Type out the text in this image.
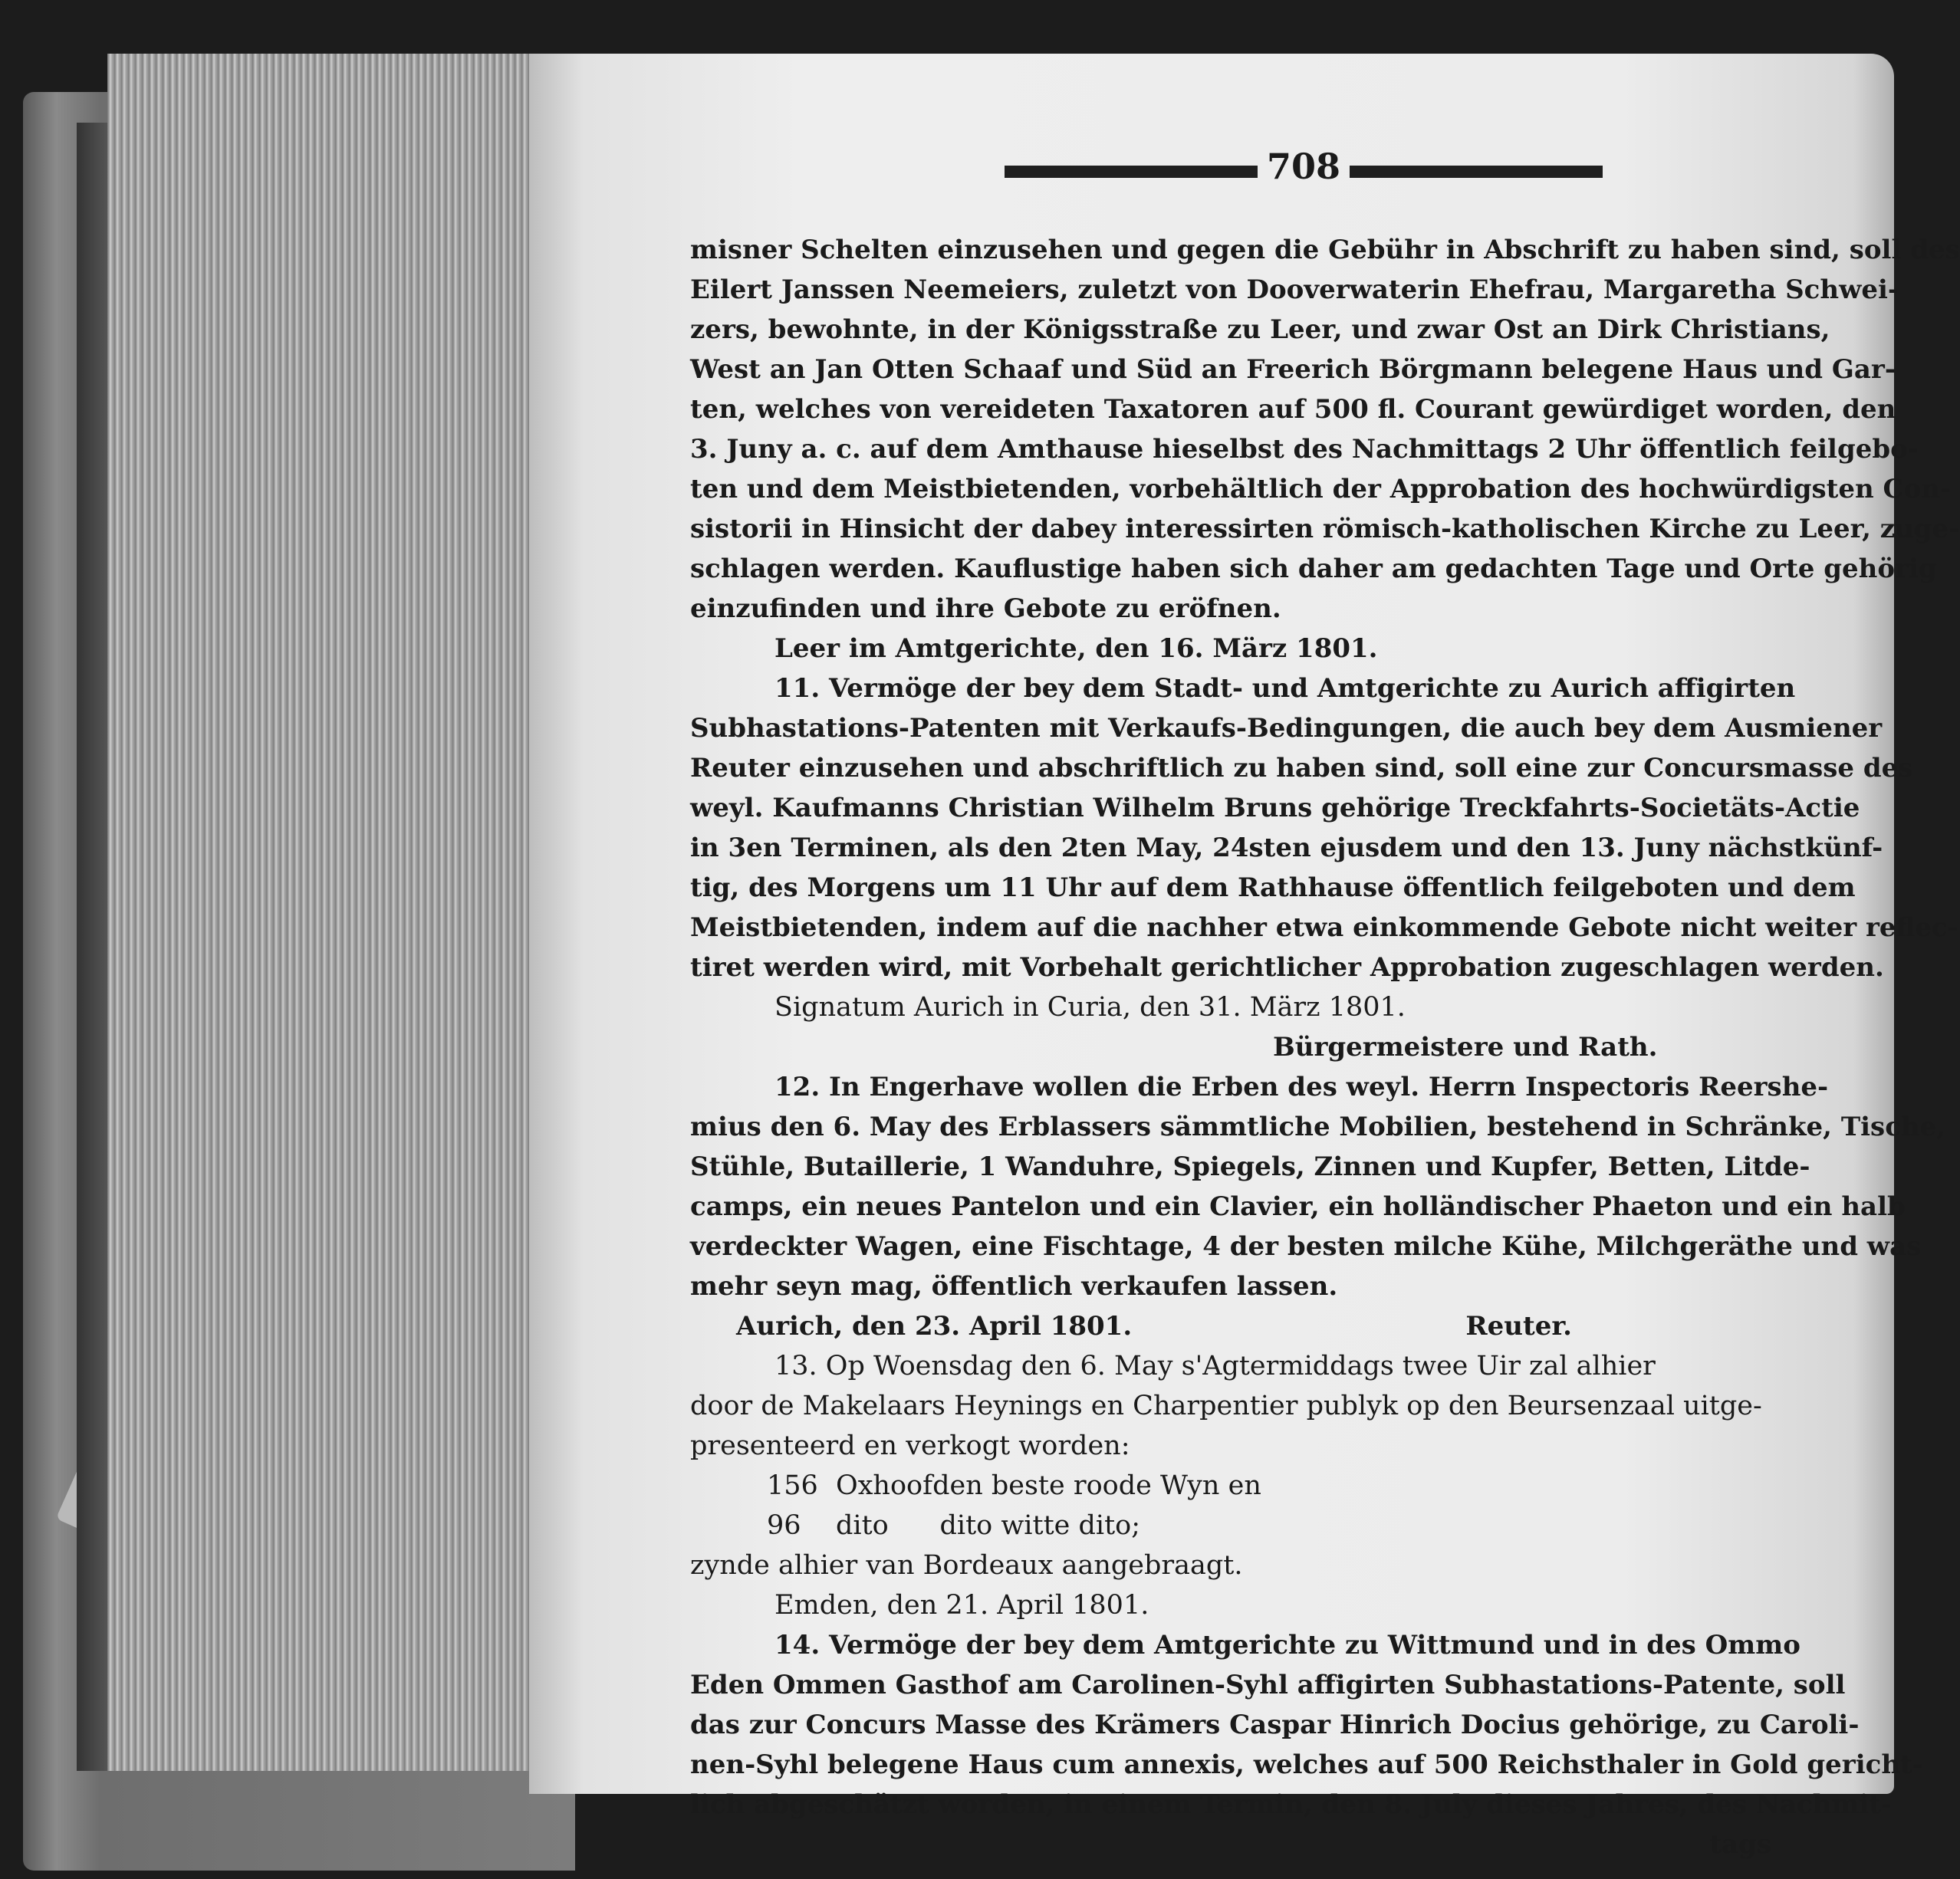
708
misner Schelten einzusehen und gegen die Gebühr in Abschrift zu haben sind, soll des
Eilert Janssen Neemeiers, zuletzt von Dooverwaterin Ehefrau, Margaretha Schwei-
zers, bewohnte, in der Königsstraße zu Leer, und zwar Ost an Dirk Christians,
West an Jan Otten Schaaf und Süd an Freerich Börgmann belegene Haus und Gar-
ten, welches von vereideten Taxatoren auf 500 fl. Courant gewürdiget worden, den
3. Juny a. c. auf dem Amthause hieselbst des Nachmittags 2 Uhr öffentlich feilgebo-
ten und dem Meistbietenden, vorbehältlich der Approbation des hochwürdigsten Con-
sistorii in Hinsicht der dabey interessirten römisch-katholischen Kirche zu Leer, zuge-
schlagen werden. Kauflustige haben sich daher am gedachten Tage und Orte gehörig
einzufinden und ihre Gebote zu eröfnen.
Leer im Amtgerichte, den 16. März 1801.
11. Vermöge der bey dem Stadt- und Amtgerichte zu Aurich affigirten
Subhastations-Patenten mit Verkaufs-Bedingungen, die auch bey dem Ausmiener
Reuter einzusehen und abschriftlich zu haben sind, soll eine zur Concursmasse des
weyl. Kaufmanns Christian Wilhelm Bruns gehörige Treckfahrts-Societäts-Actie
in 3en Terminen, als den 2ten May, 24sten ejusdem und den 13. Juny nächstkünf-
tig, des Morgens um 11 Uhr auf dem Rathhause öffentlich feilgeboten und dem
Meistbietenden, indem auf die nachher etwa einkommende Gebote nicht weiter reflec-
tiret werden wird, mit Vorbehalt gerichtlicher Approbation zugeschlagen werden.
Signatum Aurich in Curia, den 31. März 1801.
Bürgermeistere und Rath.
12. In Engerhave wollen die Erben des weyl. Herrn Inspectoris Reershe-
mius den 6. May des Erblassers sämmtliche Mobilien, bestehend in Schränke, Tische,
Stühle, Butaillerie, 1 Wanduhre, Spiegels, Zinnen und Kupfer, Betten, Litde-
camps, ein neues Pantelon und ein Clavier, ein holländischer Phaeton und ein halb
verdeckter Wagen, eine Fischtage, 4 der besten milche Kühe, Milchgeräthe und was
mehr seyn mag, öffentlich verkaufen lassen.
Aurich, den 23. April 1801.	Reuter.
13. Op Woensdag den 6. May s'Agtermiddags twee Uir zal alhier
door de Makelaars Heynings en Charpentier publyk op den Beursenzaal uitge-
presenteerd en verkogt worden:
156 Oxhoofden beste roode Wyn en
96 dito      dito witte dito;
zynde alhier van Bordeaux aangebraagt.
Emden, den 21. April 1801.
14. Vermöge der bey dem Amtgerichte zu Wittmund und in des Ommo
Eden Ommen Gasthof am Carolinen-Syhl affigirten Subhastations-Patente, soll
das zur Concurs Masse des Krämers Caspar Hinrich Docius gehörige, zu Caroli-
nen-Syhl belegene Haus cum annexis, welches auf 500 Reichsthaler in Gold gericht-
lich abgeschätzt worden, in einem Termin, den 8. July dieses Jahres, des Nachmit-
tags
